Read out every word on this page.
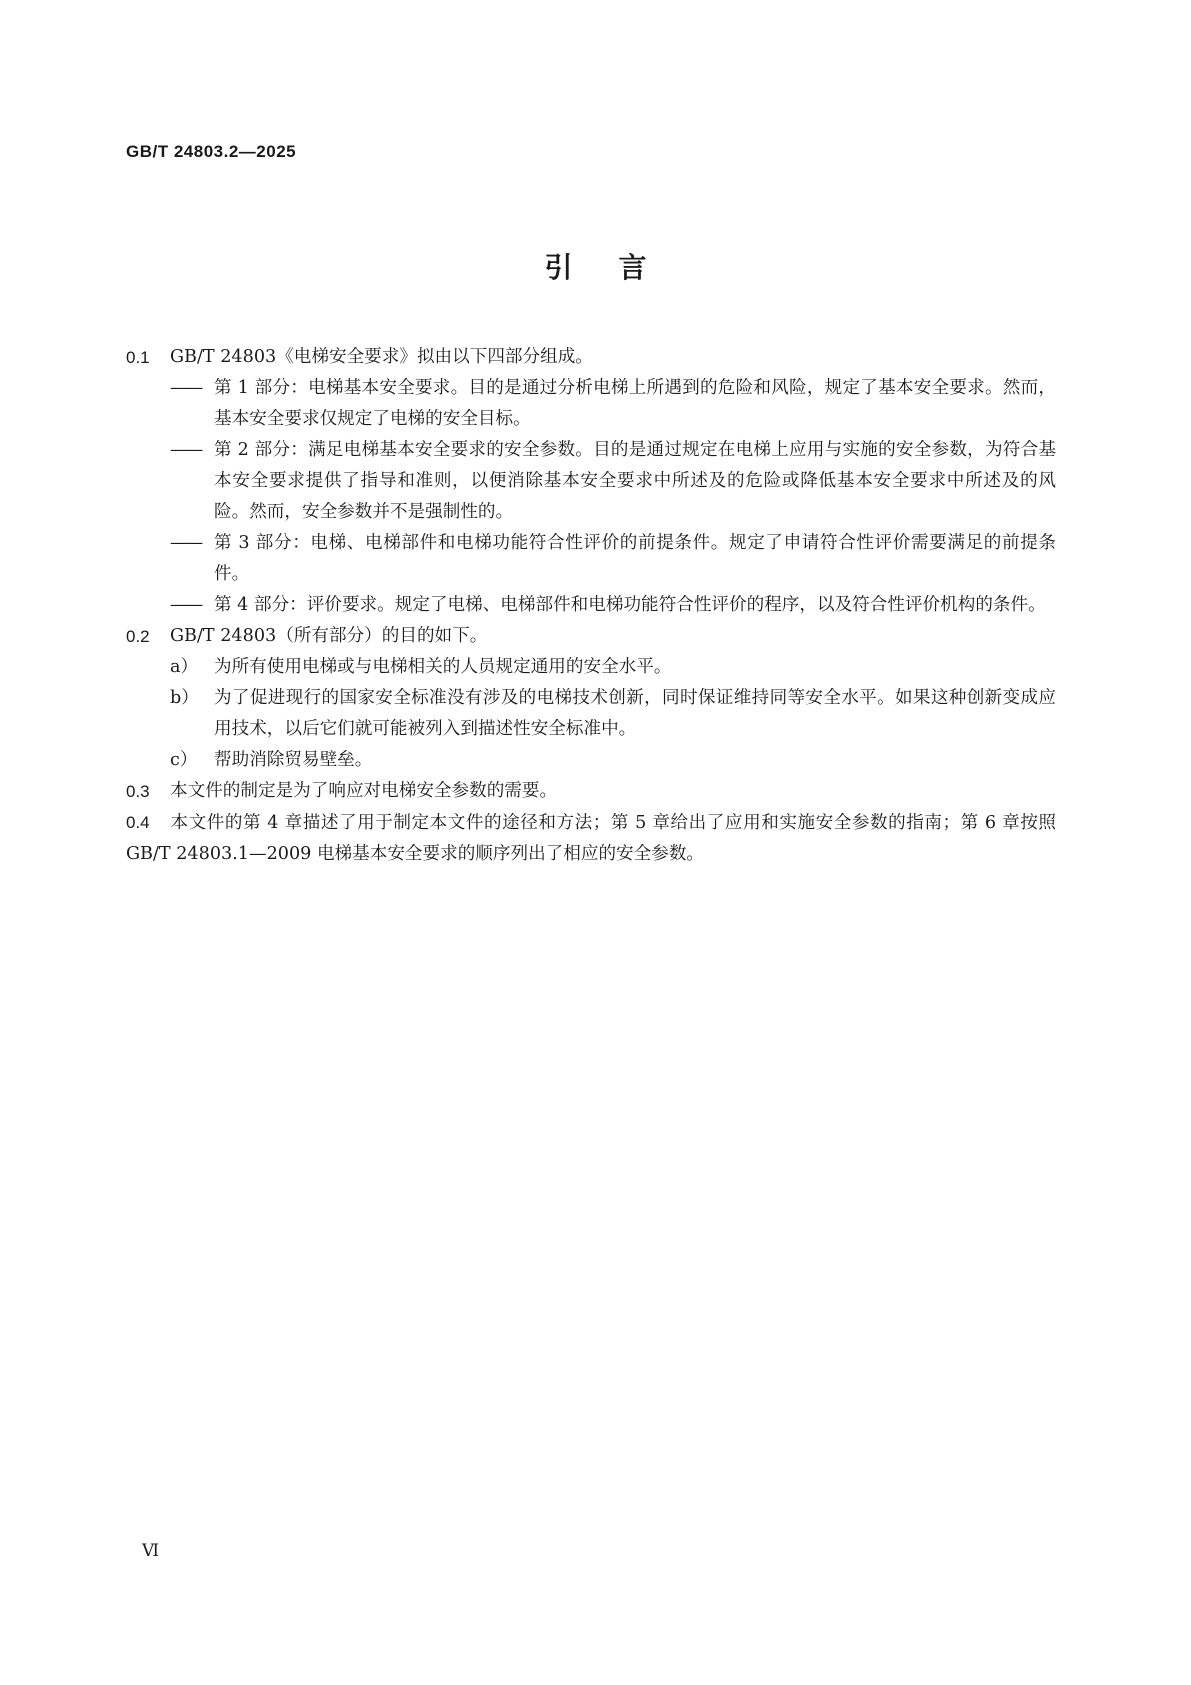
GB/T 24803.2—2025
引言
0.1	GB/T 24803《电梯安全要求》拟由以下四部分组成。
—— 第 1 部分：电梯基本安全要求。目的是通过分析电梯上所遇到的危险和风险，规定了基本安全要求。然而，基本安全要求仅规定了电梯的安全目标。
—— 第 2 部分：满足电梯基本安全要求的安全参数。目的是通过规定在电梯上应用与实施的安全参数，为符合基本安全要求提供了指导和准则，以便消除基本安全要求中所述及的危险或降低基本安全要求中所述及的风险。然而，安全参数并不是强制性的。
—— 第 3 部分：电梯、电梯部件和电梯功能符合性评价的前提条件。规定了申请符合性评价需要满足的前提条件。
—— 第 4 部分：评价要求。规定了电梯、电梯部件和电梯功能符合性评价的程序，以及符合性评价机构的条件。
0.2	GB/T 24803（所有部分）的目的如下。
a） 为所有使用电梯或与电梯相关的人员规定通用的安全水平。
b） 为了促进现行的国家安全标准没有涉及的电梯技术创新，同时保证维持同等安全水平。如果这种创新变成应用技术，以后它们就可能被列入到描述性安全标准中。
c） 帮助消除贸易壁垒。
0.3	本文件的制定是为了响应对电梯安全参数的需要。
0.4 本文件的第 4 章描述了用于制定本文件的途径和方法；第 5 章给出了应用和实施安全参数的指南；第 6 章按照 GB/T 24803.1—2009 电梯基本安全要求的顺序列出了相应的安全参数。
Ⅵ
